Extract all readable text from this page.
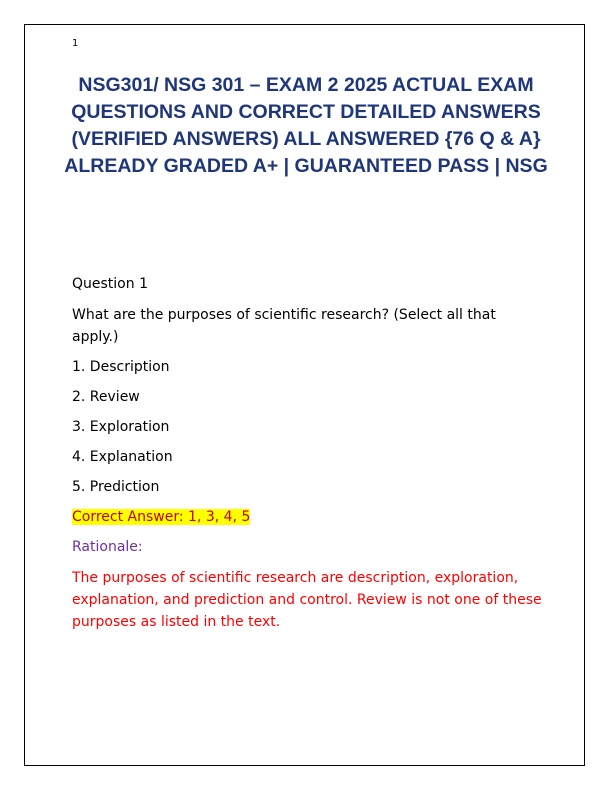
1
NSG301/ NSG 301 – EXAM 2 2025 ACTUAL EXAM QUESTIONS AND CORRECT DETAILED ANSWERS (VERIFIED ANSWERS) ALL ANSWERED {76 Q & A} ALREADY GRADED A+ | GUARANTEED PASS | NSG

Question 1

What are the purposes of scientific research? (Select all that apply.)

1. Description

2. Review

3. Exploration

4. Explanation

5. Prediction

Correct Answer: 1, 3, 4, 5

Rationale:

The purposes of scientific research are description, exploration, explanation, and prediction and control. Review is not one of these purposes as listed in the text.
